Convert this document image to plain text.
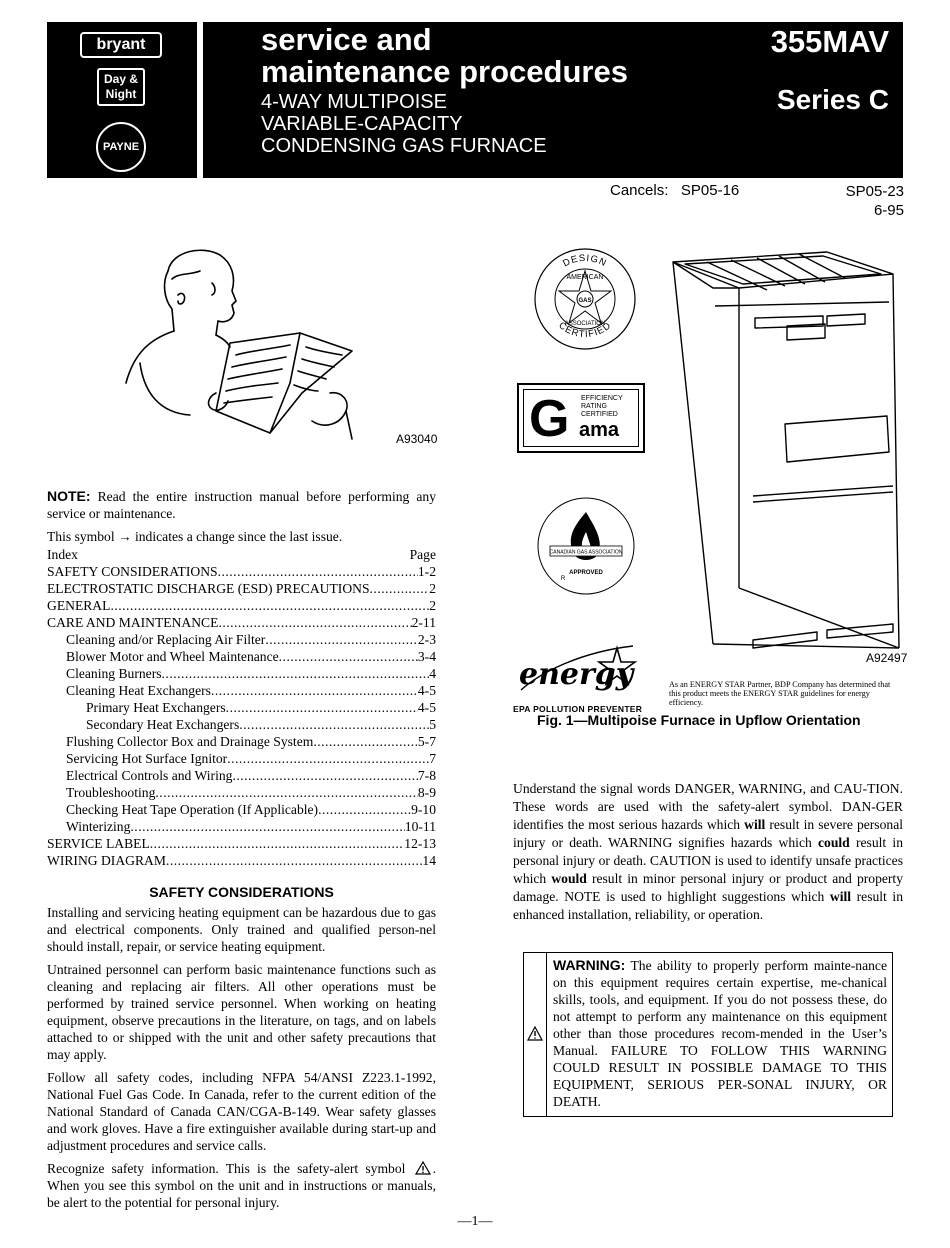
bryant
Day &
Night
PAYNE
service and
maintenance procedures
4-WAY MULTIPOISE
VARIABLE-CAPACITY
CONDENSING GAS FURNACE
355MAV
Series C
Cancels: SP05-16	SP05-23
6-95
A93040
DESIGN
CERTIFIED
AMERICAN
ASSOCIATION
GAS
G EFFICIENCY
RATING
CERTIFIED
ama
CANADIAN GAS ASSOCIATION
APPROVED
R
energy
EPA POLLUTION PREVENTER
As an ENERGY STAR Partner, BDP Company has determined that this product meets the ENERGY STAR guidelines for energy efficiency.
A92497
Fig. 1—Multipoise Furnace in Upflow Orientation

NOTE: Read the entire instruction manual before performing any service or maintenance.

This symbol → indicates a change since the last issue.

Index	Page
SAFETY CONSIDERATIONS .....	1-2
ELECTROSTATIC DISCHARGE (ESD) PRECAUTIONS .....	2
GENERAL .....	2
CARE AND MAINTENANCE .....	2-11
Cleaning and/or Replacing Air Filter .....	2-3
Blower Motor and Wheel Maintenance .....	3-4
Cleaning Burners .....	4
Cleaning Heat Exchangers .....	4-5
Primary Heat Exchangers .....	4-5
Secondary Heat Exchangers .....	5
Flushing Collector Box and Drainage System .....	5-7
Servicing Hot Surface Ignitor .....	7
Electrical Controls and Wiring .....	7-8
Troubleshooting .....	8-9
Checking Heat Tape Operation (If Applicable) .....	9-10
Winterizing .....	10-11
SERVICE LABEL .....	12-13
WIRING DIAGRAM .....	14
SAFETY CONSIDERATIONS

Installing and servicing heating equipment can be hazardous due to gas and electrical components. Only trained and qualified person-nel should install, repair, or service heating equipment.

Untrained personnel can perform basic maintenance functions such as cleaning and replacing air filters. All other operations must be performed by trained service personnel. When working on heating equipment, observe precautions in the literature, on tags, and on labels attached to or shipped with the unit and other safety precautions that may apply.

Follow all safety codes, including NFPA 54/ANSI Z223.1-1992, National Fuel Gas Code. In Canada, refer to the current edition of the National Standard of Canada CAN/CGA-B-149. Wear safety glasses and work gloves. Have a fire extinguisher available during start-up and adjustment procedures and service calls.

Recognize safety information. This is the safety-alert symbol . When you see this symbol on the unit and in instructions or manuals, be alert to the potential for personal injury.

Understand the signal words DANGER, WARNING, and CAU-TION. These words are used with the safety-alert symbol. DAN-GER identifies the most serious hazards which will result in severe personal injury or death. WARNING signifies hazards which could result in personal injury or death. CAUTION is used to identify unsafe practices which would result in minor personal injury or product and property damage. NOTE is used to highlight suggestions which will result in enhanced installation, reliability, or operation.
WARNING: The ability to properly perform mainte-nance on this equipment requires certain expertise, me-chanical skills, tools, and equipment. If you do not possess these, do not attempt to perform any maintenance on this equipment other than those procedures recom-mended in the User’s Manual. FAILURE TO FOLLOW THIS WARNING COULD RESULT IN POSSIBLE DAMAGE TO THIS EQUIPMENT, SERIOUS PER-SONAL INJURY, OR DEATH.
—1—
